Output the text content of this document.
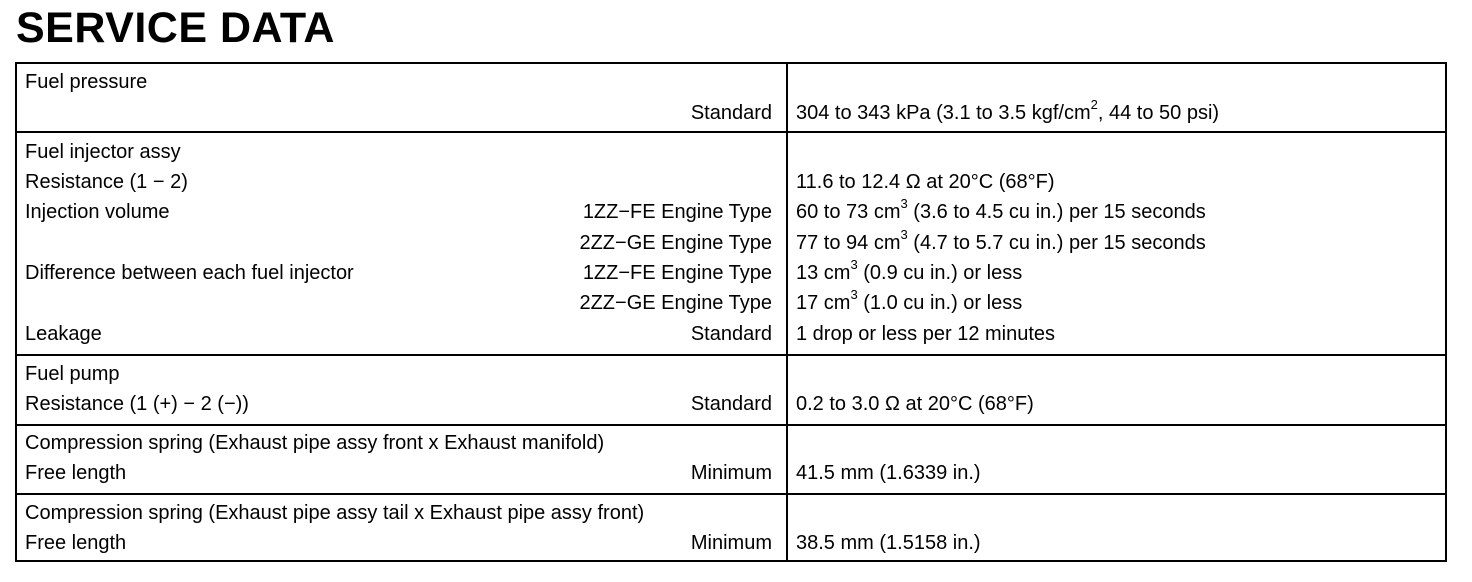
SERVICE DATA
Fuel pressure
Standard 304 to 343 kPa (3.1 to 3.5 kgf/$cm^2$, 44 to 50 psi)
Fuel injector assy
Resistance (1 − 2)	11.6 to 12.4 Ω at 20°C (68°F)
Injection volume	1ZZ−FE Engine Type 60 to 73 $cm^3$ (3.6 to 4.5 cu in.) per 15 seconds
2ZZ−GE Engine Type 77 to 94 $cm^3$ (4.7 to 5.7 cu in.) per 15 seconds
Difference between each fuel injector	1ZZ−FE Engine Type 13 $cm^3$ (0.9 cu in.) or less
2ZZ−GE Engine Type 17 $cm^3$ (1.0 cu in.) or less
Leakage	Standard 1 drop or less per 12 minutes
Fuel pump
Resistance (1 (+) − 2 (−))	Standard 0.2 to 3.0 Ω at 20°C (68°F)
Compression spring (Exhaust pipe assy front x Exhaust manifold)
Free length	Minimum 41.5 mm (1.6339 in.)
Compression spring (Exhaust pipe assy tail x Exhaust pipe assy front)
Free length	Minimum 38.5 mm (1.5158 in.)
